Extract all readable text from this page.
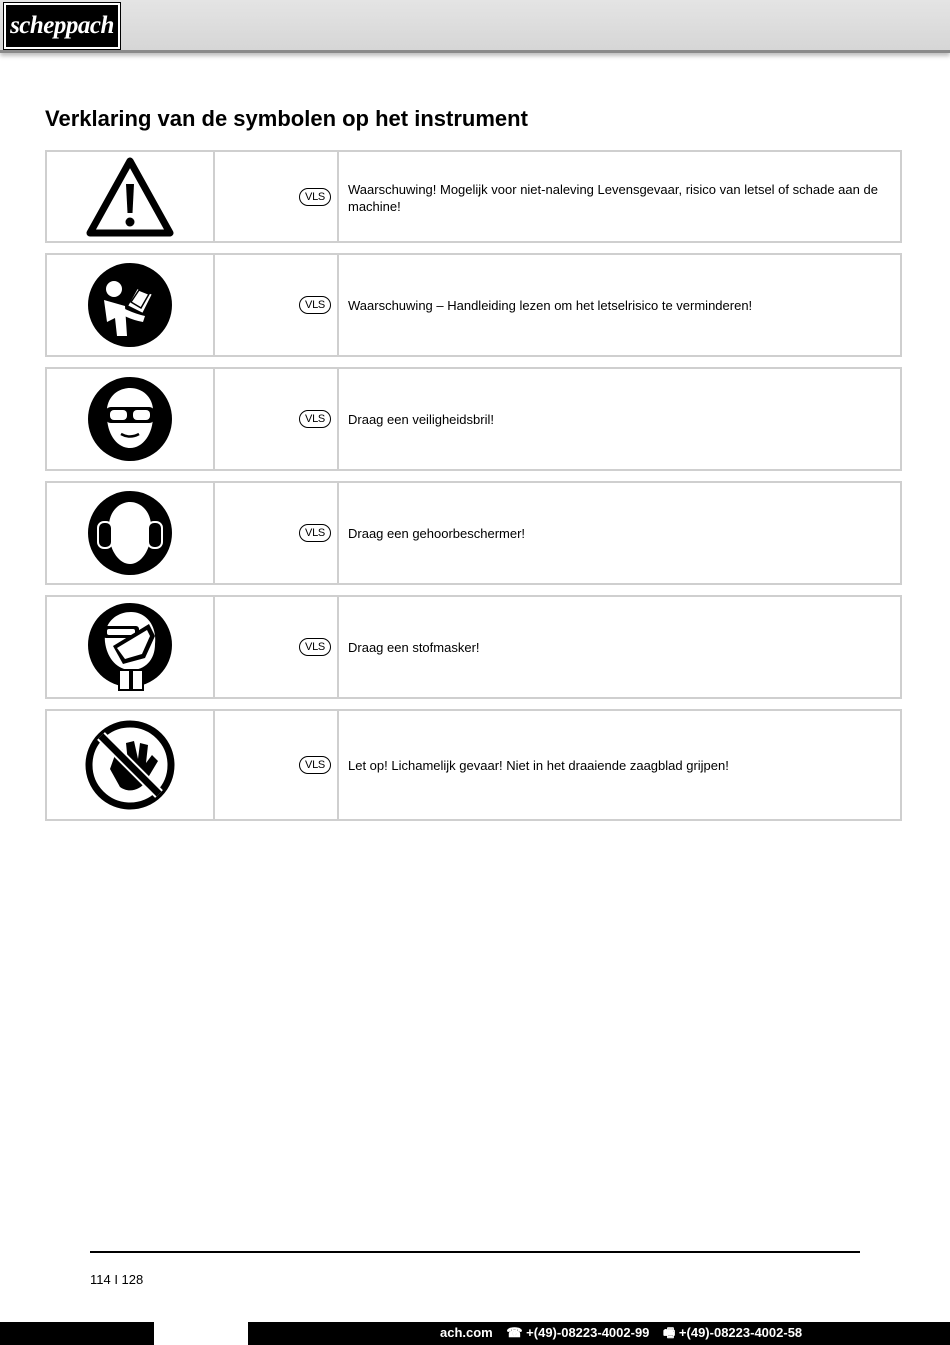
scheppach
Verklaring van de symbolen op het instrument
VLS	Waarschuwing! Mogelijk voor niet-naleving Levensgevaar, risico van letsel of schade aan de machine!
VLS	Waarschuwing – Handleiding lezen om het letselrisico te verminderen!
VLS	Draag een veiligheidsbril!
VLS	Draag een gehoorbeschermer!
VLS	Draag een stofmasker!
VLS	Let op! Lichamelijk gevaar! Niet in het draaiende zaagblad grijpen!
114 I 128
ach.com ☎ +(49)-08223-4002-99 🖷 +(49)-08223-4002-58
